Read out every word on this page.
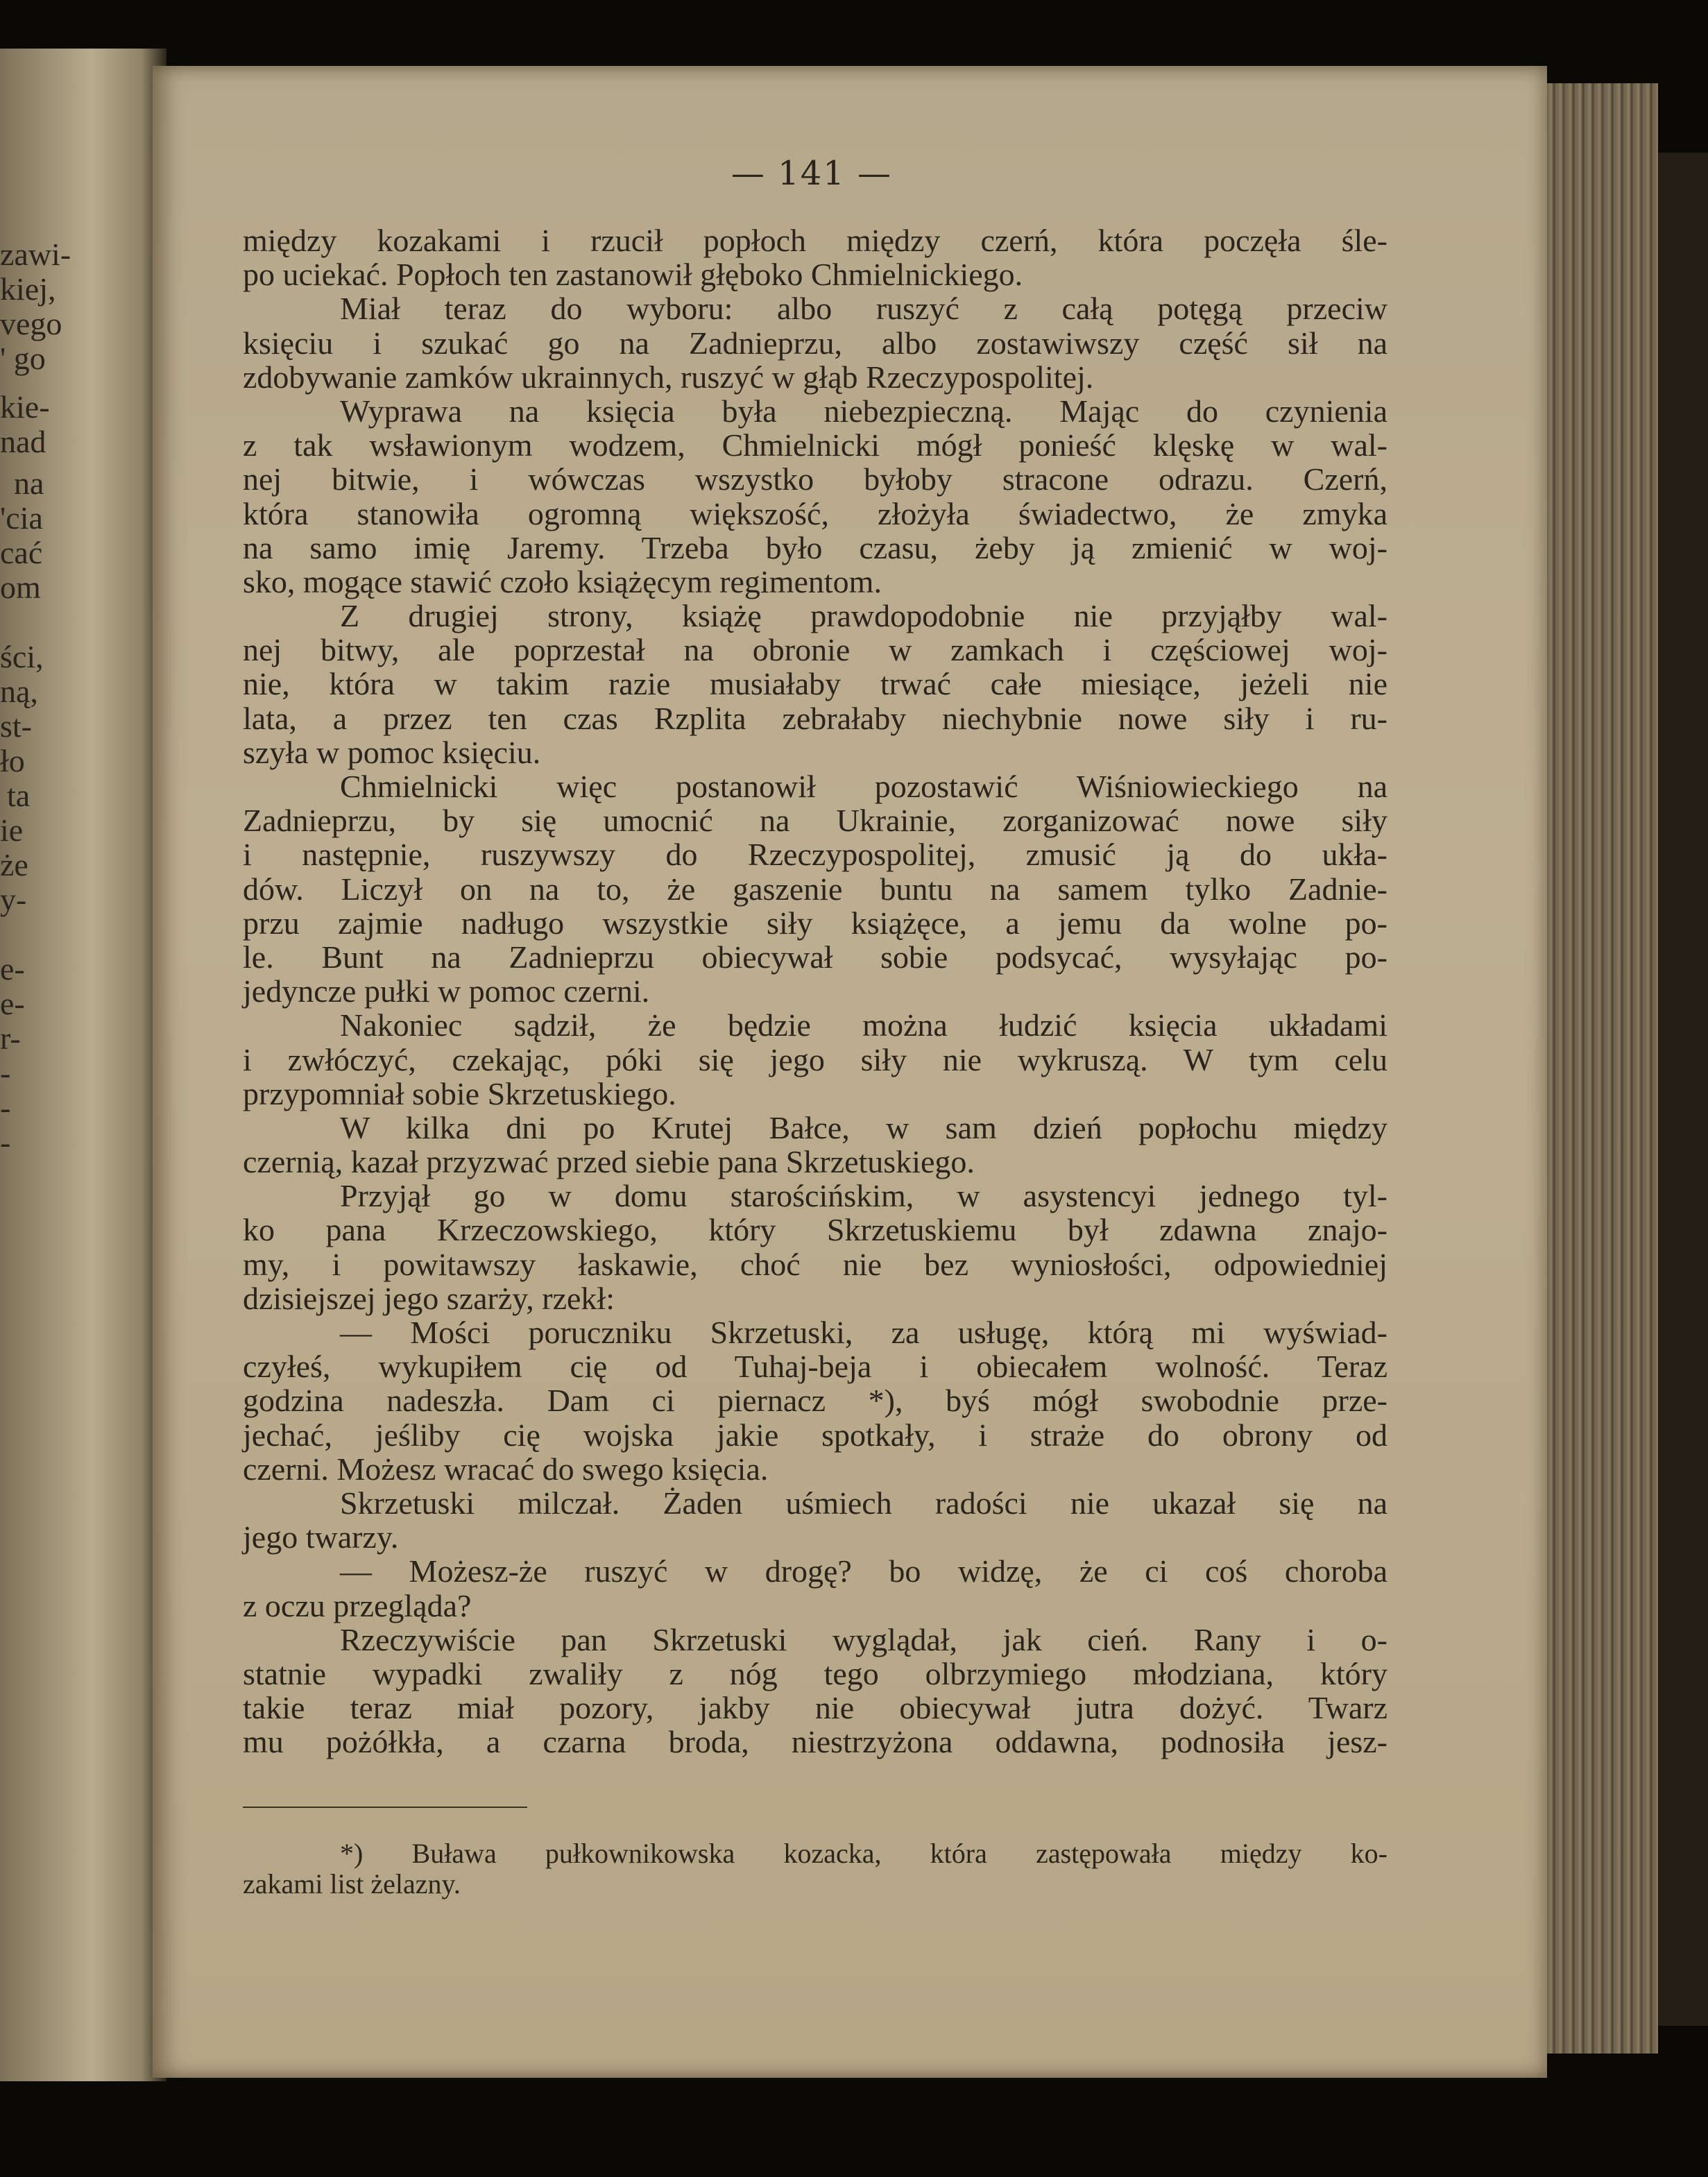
zawi-
kiej,
vego
' go
kie-
nad
na
'cia
cać
om
ści,
ną,
st-
ło
ta
ie
że
y-
e-
e-
r-
-
-
-
— 141 —
między kozakami i rzucił popłoch między czerń, która poczęła śle-
po uciekać. Popłoch ten zastanowił głęboko Chmielnickiego.
Miał teraz do wyboru: albo ruszyć z całą potęgą przeciw
księciu i szukać go na Zadnieprzu, albo zostawiwszy część sił na
zdobywanie zamków ukrainnych, ruszyć w głąb Rzeczypospolitej.
Wyprawa na księcia była niebezpieczną. Mając do czynienia
z tak wsławionym wodzem, Chmielnicki mógł ponieść klęskę w wal-
nej bitwie, i wówczas wszystko byłoby stracone odrazu. Czerń,
która stanowiła ogromną większość, złożyła świadectwo, że zmyka
na samo imię Jaremy. Trzeba było czasu, żeby ją zmienić w woj-
sko, mogące stawić czoło książęcym regimentom.
Z drugiej strony, książę prawdopodobnie nie przyjąłby wal-
nej bitwy, ale poprzestał na obronie w zamkach i częściowej woj-
nie, która w takim razie musiałaby trwać całe miesiące, jeżeli nie
lata, a przez ten czas Rzplita zebrałaby niechybnie nowe siły i ru-
szyła w pomoc księciu.
Chmielnicki więc postanowił pozostawić Wiśniowieckiego na
Zadnieprzu, by się umocnić na Ukrainie, zorganizować nowe siły
i następnie, ruszywszy do Rzeczypospolitej, zmusić ją do ukła-
dów. Liczył on na to, że gaszenie buntu na samem tylko Zadnie-
przu zajmie nadługo wszystkie siły książęce, a jemu da wolne po-
le. Bunt na Zadnieprzu obiecywał sobie podsycać, wysyłając po-
jedyncze pułki w pomoc czerni.
Nakoniec sądził, że będzie można łudzić księcia układami
i zwłóczyć, czekając, póki się jego siły nie wykruszą. W tym celu
przypomniał sobie Skrzetuskiego.
W kilka dni po Krutej Bałce, w sam dzień popłochu między
czernią, kazał przyzwać przed siebie pana Skrzetuskiego.
Przyjął go w domu starościńskim, w asystencyi jednego tyl-
ko pana Krzeczowskiego, który Skrzetuskiemu był zdawna znajo-
my, i powitawszy łaskawie, choć nie bez wyniosłości, odpowiedniej
dzisiejszej jego szarży, rzekł:
— Mości poruczniku Skrzetuski, za usługę, którą mi wyświad-
czyłeś, wykupiłem cię od Tuhaj-beja i obiecałem wolność. Teraz
godzina nadeszła. Dam ci piernacz *), byś mógł swobodnie prze-
jechać, jeśliby cię wojska jakie spotkały, i straże do obrony od
czerni. Możesz wracać do swego księcia.
Skrzetuski milczał. Żaden uśmiech radości nie ukazał się na
jego twarzy.
— Możesz-że ruszyć w drogę? bo widzę, że ci coś choroba
z oczu przegląda?
Rzeczywiście pan Skrzetuski wyglądał, jak cień. Rany i o-
statnie wypadki zwaliły z nóg tego olbrzymiego młodziana, który
takie teraz miał pozory, jakby nie obiecywał jutra dożyć. Twarz
mu pożółkła, a czarna broda, niestrzyżona oddawna, podnosiła jesz-
*) Buława pułkownikowska kozacka, która zastępowała między ko-
zakami list żelazny.
